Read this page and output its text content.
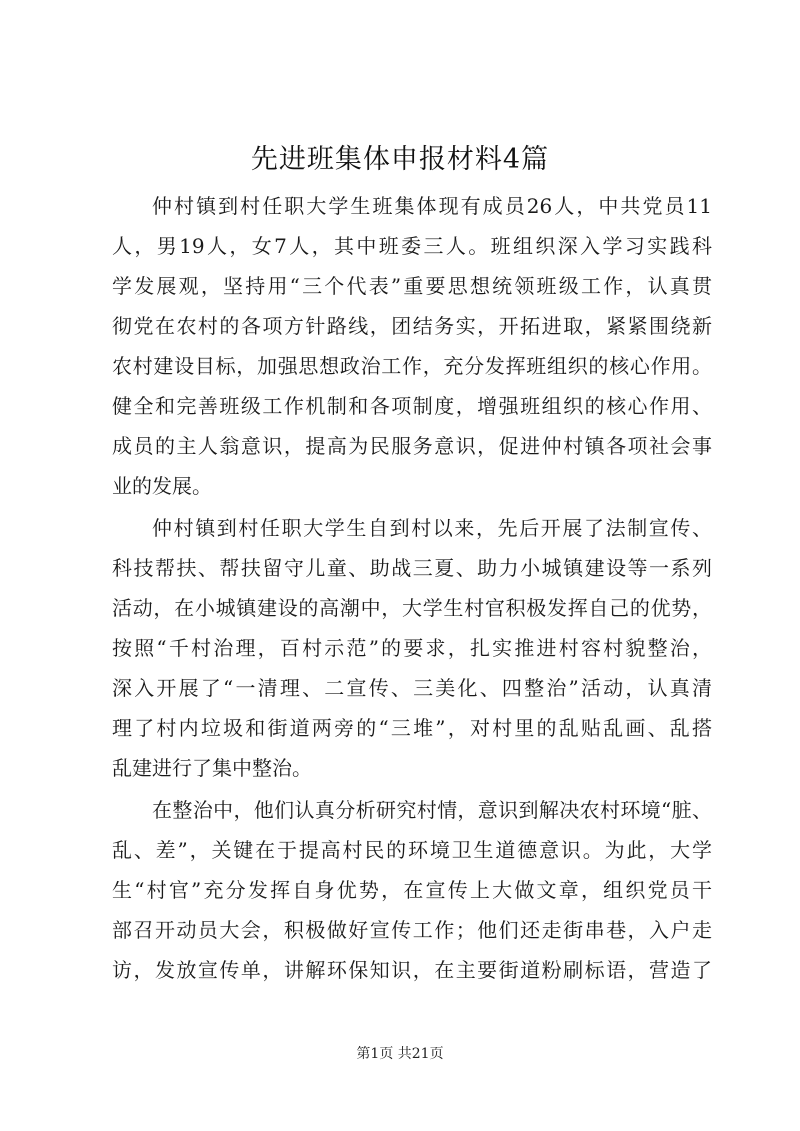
先进班集体申报材料4篇
仲村镇到村任职大学生班集体现有成员26人，中共党员11
人，男19人，女7人，其中班委三人。班组织深入学习实践科
学发展观，坚持用“三个代表”重要思想统领班级工作，认真贯
彻党在农村的各项方针路线，团结务实，开拓进取，紧紧围绕新
农村建设目标，加强思想政治工作，充分发挥班组织的核心作用。
健全和完善班级工作机制和各项制度，增强班组织的核心作用、
成员的主人翁意识，提高为民服务意识，促进仲村镇各项社会事
业的发展。
仲村镇到村任职大学生自到村以来，先后开展了法制宣传、
科技帮扶、帮扶留守儿童、助战三夏、助力小城镇建设等一系列
活动，在小城镇建设的高潮中，大学生村官积极发挥自己的优势，
按照“千村治理，百村示范”的要求，扎实推进村容村貌整治，
深入开展了“一清理、二宣传、三美化、四整治”活动，认真清
理了村内垃圾和街道两旁的“三堆”，对村里的乱贴乱画、乱搭
乱建进行了集中整治。
在整治中，他们认真分析研究村情，意识到解决农村环境“脏、
乱、差”，关键在于提高村民的环境卫生道德意识。为此，大学
生“村官”充分发挥自身优势，在宣传上大做文章，组织党员干
部召开动员大会，积极做好宣传工作；他们还走街串巷，入户走
访，发放宣传单，讲解环保知识，在主要街道粉刷标语，营造了
第1页 共21页
